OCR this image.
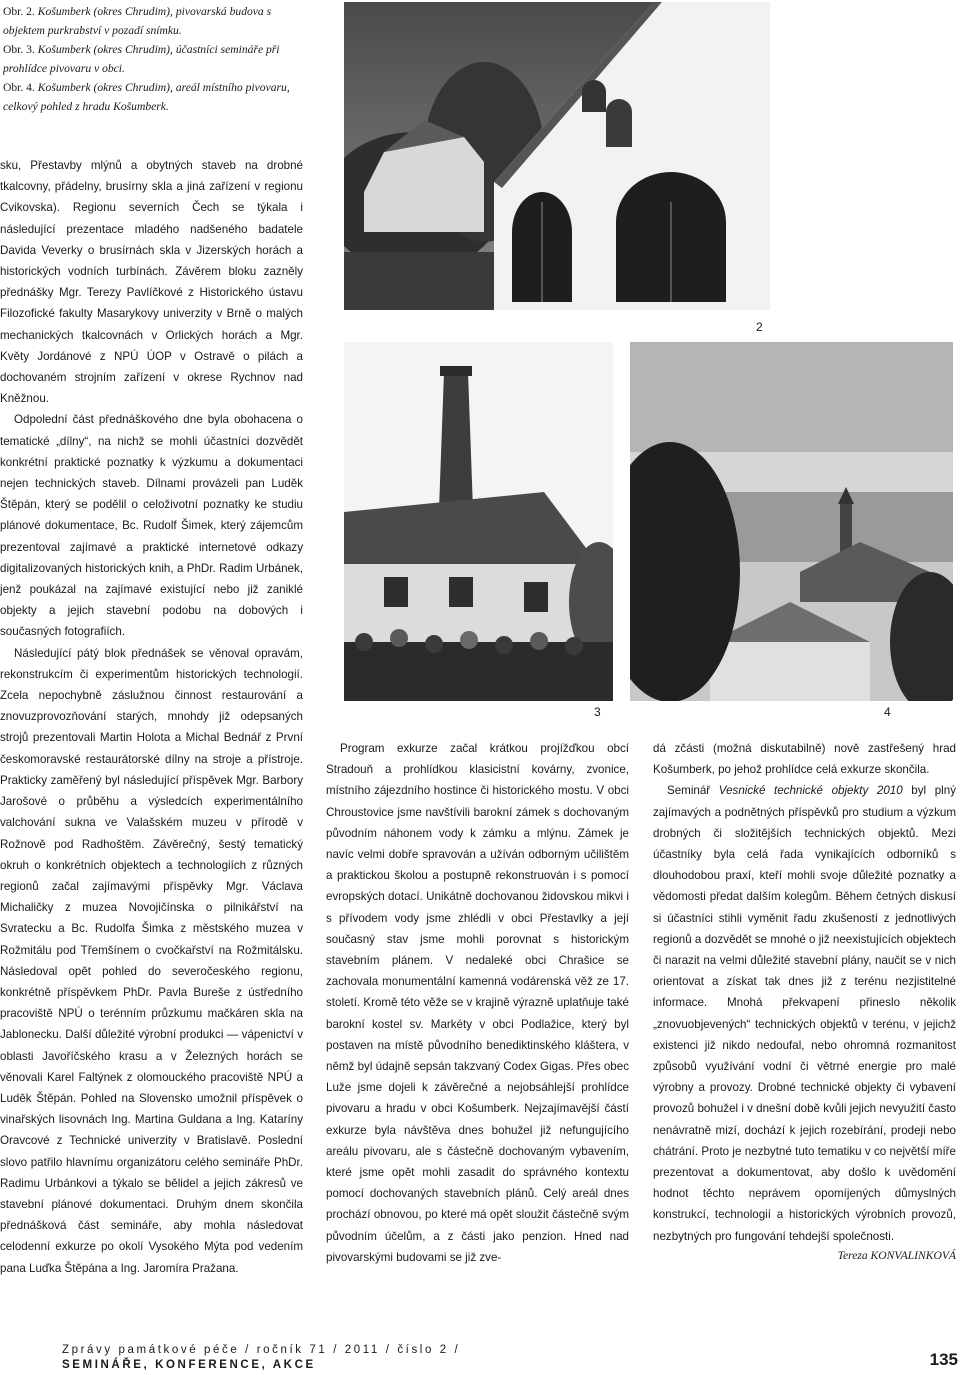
Obr. 2. Košumberk (okres Chrudim), pivovarská budova s objektem purkrabství v pozadí snímku.

Obr. 3. Košumberk (okres Chrudim), účastníci semináře při prohlídce pivovaru v obci.

Obr. 4. Košumberk (okres Chrudim), areál místního pivovaru, celkový pohled z hradu Košumberk.

2
3	4

sku, Přestavby mlýnů a obytných staveb na drobné tkalcovny, přádelny, brusírny skla a jiná zařízení v regionu Cvikovska). Regionu severních Čech se týkala i následující prezentace mladého nadšeného badatele Davida Veverky o brusírnách skla v Jizerských horách a historických vodních turbínách. Závěrem bloku zazněly přednášky Mgr. Terezy Pavlíčkové z Historického ústavu Filozofické fakulty Masarykovy univerzity v Brně o malých mechanických tkalcovnách v Orlických horách a Mgr. Květy Jordánové z NPÚ ÚOP v Ostravě o pilách a dochovaném strojním zařízení v okrese Rychnov nad Kněžnou.

Odpolední část přednáškového dne byla obohacena o tematické „dílny“, na nichž se mohli účastníci dozvědět konkrétní praktické poznatky k výzkumu a dokumentaci nejen technických staveb. Dílnami provázeli pan Luděk Štěpán, který se podělil o celoživotní poznatky ke studiu plánové dokumentace, Bc. Rudolf Šimek, který zájemcům prezentoval zajímavé a praktické internetové odkazy digitalizovaných historických knih, a PhDr. Radim Urbánek, jenž poukázal na zajímavé existující nebo již zaniklé objekty a jejich stavební podobu na dobových i současných fotografiích.

Následující pátý blok přednášek se věnoval opravám, rekonstrukcím či experimentům historických technologií. Zcela nepochybně záslužnou činnost restaurování a znovuzprovozňování starých, mnohdy již odepsaných strojů prezentovali Martin Holota a Michal Bednář z První českomoravské restaurátorské dílny na stroje a přístroje. Prakticky zaměřený byl následující příspěvek Mgr. Barbory Jarošové o průběhu a výsledcích experimentálního valchování sukna ve Valašském muzeu v přírodě v Rožnově pod Radhoštěm. Závěrečný, šestý tematický okruh o konkrétních objektech a technologiích z různých regionů začal zajímavými příspěvky Mgr. Václava Michaličky z muzea Novojičínska o pilnikářství na Svratecku a Bc. Rudolfa Šimka z městského muzea v Rožmitálu pod Třemšínem o cvočkařství na Rožmitálsku. Následoval opět pohled do severočeského regionu, konkrétně příspěvkem PhDr. Pavla Bureše z ústředního pracoviště NPÚ o terénním průzkumu mačkáren skla na Jablonecku. Další důležité výrobní produkci — vápenictví v oblasti Javoříčského krasu a v Železných horách se věnovali Karel Faltýnek z olomouckého pracoviště NPÚ a Luděk Štěpán. Pohled na Slovensko umožnil příspěvek o vinařských lisovnách Ing. Martina Guldana a Ing. Kataríny Oravcové z Technické univerzity v Bratislavě. Poslední slovo patřilo hlavnímu organizátoru celého semináře PhDr. Radimu Urbánkovi a týkalo se bělidel a jejich zákresů ve stavební plánové dokumentaci. Druhým dnem skončila přednášková část semináře, aby mohla následovat celodenní exkurze po okolí Vysokého Mýta pod vedením pana Luďka Štěpána a Ing. Jaromíra Pražana.

Program exkurze začal krátkou projížďkou obcí Stradouň a prohlídkou klasicistní kovárny, zvonice, místního zájezdního hostince či historického mostu. V obci Chroustovice jsme navštívili barokní zámek s dochovaným původním náhonem vody k zámku a mlýnu. Zámek je navíc velmi dobře spravován a užíván odborným učilištěm a praktickou školou a postupně rekonstruován i s pomocí evropských dotací. Unikátně dochovanou židovskou mikvi i s přívodem vody jsme zhlédli v obci Přestavlky a její současný stav jsme mohli porovnat s historickým stavebním plánem. V nedaleké obci Chrašice se zachovala monumentální kamenná vodárenská věž ze 17. století. Kromě této věže se v krajině výrazně uplatňuje také barokní kostel sv. Markéty v obci Podlažice, který byl postaven na místě původního benediktinského kláštera, v němž byl údajně sepsán takzvaný Codex Gigas. Přes obec Luže jsme dojeli k závěrečné a nejobsáhlejší prohlídce pivovaru a hradu v obci Košumberk. Nejzajímavější částí exkurze byla návštěva dnes bohužel již nefungujícího areálu pivovaru, ale s částečně dochovaným vybavením, které jsme opět mohli zasadit do správného kontextu pomocí dochovaných stavebních plánů. Celý areál dnes prochází obnovou, po které má opět sloužit částečně svým původním účelům, a z části jako penzion. Hned nad pivovarskými budovami se již zve-

dá zčásti (možná diskutabilně) nově zastřešený hrad Košumberk, po jehož prohlídce celá exkurze skončila.

Seminář Vesnické technické objekty 2010 byl plný zajímavých a podnětných příspěvků pro studium a výzkum drobných či složitějších technických objektů. Mezi účastníky byla celá řada vynikajících odborníků s dlouhodobou praxí, kteří mohli svoje důležité poznatky a vědomosti předat dalším kolegům. Během četných diskusí si účastníci stihli vyměnit řadu zkušeností z jednotlivých regionů a dozvědět se mnohé o již neexistujících objektech či narazit na velmi důležité stavební plány, naučit se v nich orientovat a získat tak dnes již z terénu nezjistitelné informace. Mnohá překvapení přineslo několik „znovuobjevených“ technických objektů v terénu, v jejichž existenci již nikdo nedoufal, nebo ohromná rozmanitost způsobů využívání vodní či větrné energie pro malé výrobny a provozy. Drobné technické objekty či vybavení provozů bohužel i v dnešní době kvůli jejich nevyužití často nenávratně mizí, dochází k jejich rozebírání, prodeji nebo chátrání. Proto je nezbytné tuto tematiku v co největší míře prezentovat a dokumentovat, aby došlo k uvědomění hodnot těchto neprávem opomíjených důmyslných konstrukcí, technologií a historických výrobních provozů, nezbytných pro fungování tehdejší společnosti.

Tereza KONVALINKOVÁ
Zprávy památkové péče / ročník 71 / 2011 / číslo 2 /
SEMINÁŘE, KONFERENCE, AKCE	135
